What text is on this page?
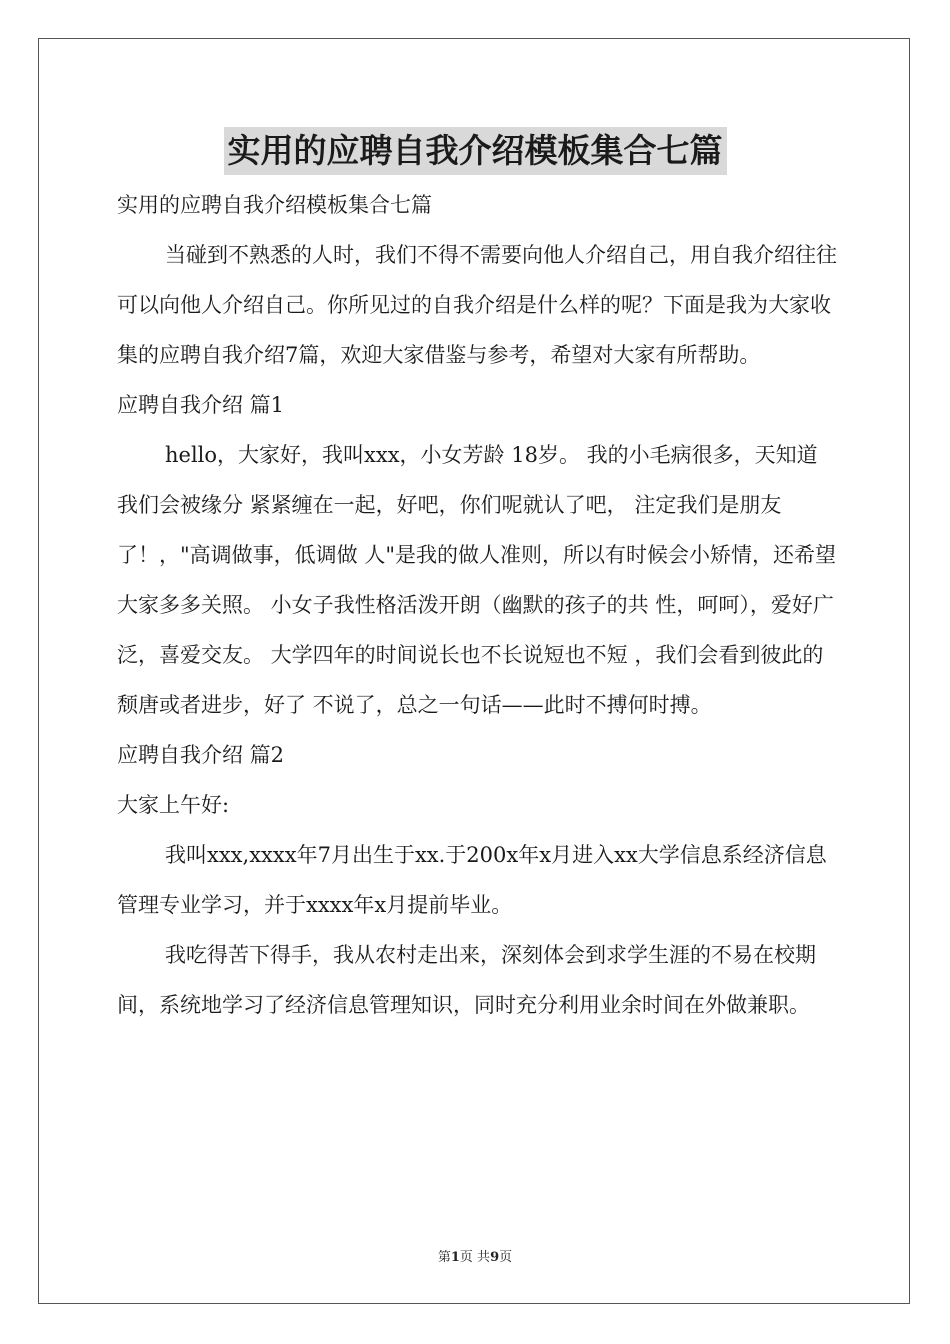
实用的应聘自我介绍模板集合七篇

实用的应聘自我介绍模板集合七篇

当碰到不熟悉的人时，我们不得不需要向他人介绍自己，用自我介绍往往可以向他人介绍自己。你所见过的自我介绍是什么样的呢？下面是我为大家收集的应聘自我介绍7篇，欢迎大家借鉴与参考，希望对大家有所帮助。

应聘自我介绍 篇1

hello，大家好，我叫xxx，小女芳龄 18岁。 我的小毛病很多，天知道我们会被缘分 紧紧缠在一起，好吧，你们呢就认了吧， 注定我们是朋友了！，"高调做事，低调做 人"是我的做人准则，所以有时候会小矫情，还希望大家多多关照。 小女子我性格活泼开朗（幽默的孩子的共 性，呵呵），爱好广泛，喜爱交友。 大学四年的时间说长也不长说短也不短 ，我们会看到彼此的颓唐或者进步，好了 不说了，总之一句话——此时不搏何时搏。

应聘自我介绍 篇2

大家上午好:

我叫xxx,xxxx年7月出生于xx.于200x年x月进入xx大学信息系经济信息管理专业学习，并于xxxx年x月提前毕业。

我吃得苦下得手，我从农村走出来，深刻体会到求学生涯的不易在校期间，系统地学习了经济信息管理知识，同时充分利用业余时间在外做兼职。

第1页 共9页
